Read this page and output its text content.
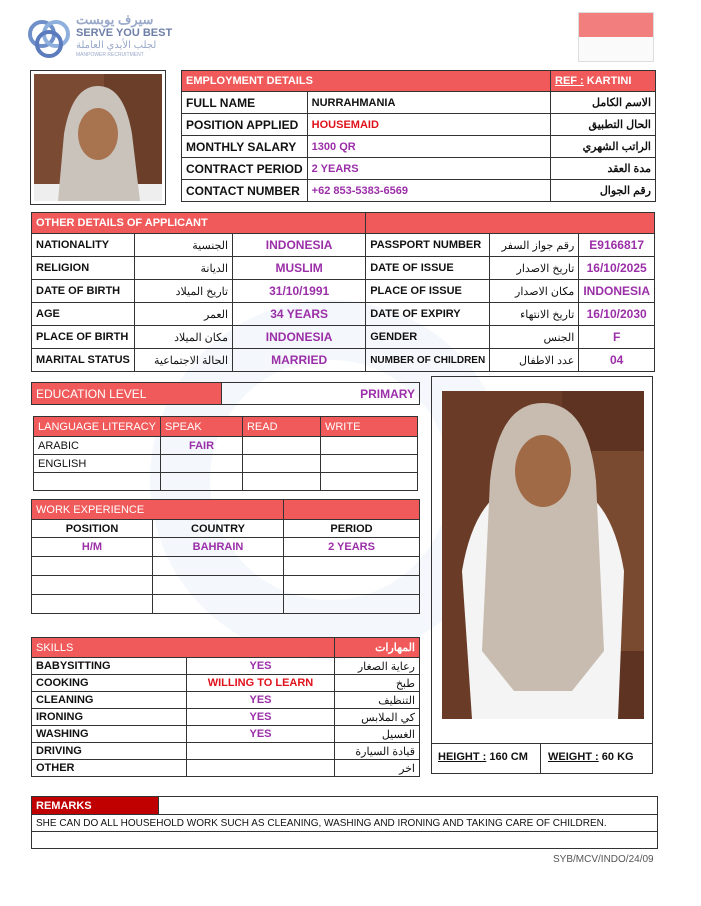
سيرف يوبست
SERVE YOU BEST
لجلب الأيدي العاملة
MANPOWER RECRUITMENT
EMPLOYMENT DETAILS		REF : KARTINI
FULL NAME	NURRAHMANIA	الاسم الكامل
POSITION APPLIED	HOUSEMAID	الحال التطبيق
MONTHLY SALARY	1300 QR	الراتب الشهري
CONTRACT PERIOD	2 YEARS	مدة العقد
CONTACT NUMBER	+62 853-5383-6569	رقم الجوال
OTHER DETAILS OF APPLICANT					
NATIONALITY	الجنسية	INDONESIA	PASSPORT NUMBER	رقم جواز السفر	E9166817
RELIGION	الديانة	MUSLIM	DATE OF ISSUE	تاريخ الاصدار	16/10/2025
DATE OF BIRTH	تاريخ الميلاد	31/10/1991	PLACE OF ISSUE	مكان الاصدار	INDONESIA
AGE	العمر	34 YEARS	DATE OF EXPIRY	تاريخ الانتهاء	16/10/2030
PLACE OF BIRTH	مكان الميلاد	INDONESIA	GENDER	الجنس	F
MARITAL STATUS	الحالة الاجتماعية	MARRIED	NUMBER OF CHILDREN	عدد الاطفال	04
EDUCATION LEVEL	PRIMARY
LANGUAGE LITERACY	SPEAK	READ	WRITE
ARABIC	FAIR		
ENGLISH			

WORK EXPERIENCE		
POSITION	COUNTRY	PERIOD
H/M	BAHRAIN	2 YEARS

SKILLS		المهارات
BABYSITTING	YES	رعاية الصغار
COOKING	WILLING TO LEARN	طبخ
CLEANING	YES	التنظيف
IRONING	YES	كي الملابس
WASHING	YES	الغسيل
DRIVING		قيادة السيارة
OTHER		اخر
HEIGHT : 160 CM WEIGHT : 60 KG
REMARKS	
SHE CAN DO ALL HOUSEHOLD WORK SUCH AS CLEANING, WASHING AND IRONING AND TAKING CARE OF CHILDREN.

SYB/MCV/INDO/24/09
